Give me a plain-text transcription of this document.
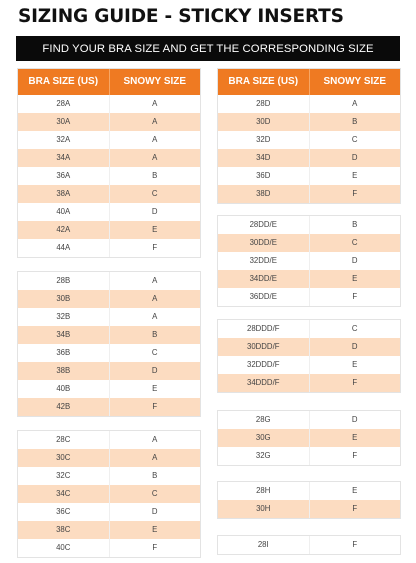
SIZING GUIDE - STICKY INSERTS
FIND YOUR BRA SIZE AND GET THE CORRESPONDING SIZE
BRA SIZE (US)	SNOWY SIZE
28A	A
30A	A
32A	A
34A	A
36A	B
38A	C
40A	D
42A	E
44A	F
28B	A
30B	A
32B	A
34B	B
36B	C
38B	D
40B	E
42B	F
28C	A
30C	A
32C	B
34C	C
36C	D
38C	E
40C	F
BRA SIZE (US)	SNOWY SIZE
28D	A
30D	B
32D	C
34D	D
36D	E
38D	F
28DD/E	B
30DD/E	C
32DD/E	D
34DD/E	E
36DD/E	F
28DDD/F	C
30DDD/F	D
32DDD/F	E
34DDD/F	F
28G	D
30G	E
32G	F
28H	E
30H	F
28I	F
